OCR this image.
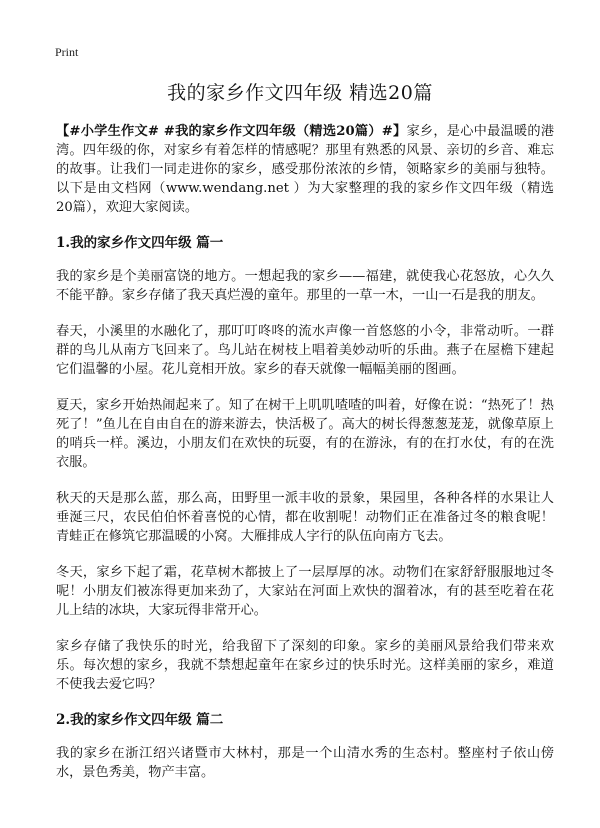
Print
我的家乡作文四年级 精选20篇

【#小学生作文# #我的家乡作文四年级（精选20篇）#】家乡，是心中最温暖的港湾。四年级的你，对家乡有着怎样的情感呢？那里有熟悉的风景、亲切的乡音、难忘的故事。让我们一同走进你的家乡，感受那份浓浓的乡情，领略家乡的美丽与独特。以下是由文档网（www.wendang.net ）为大家整理的我的家乡作文四年级（精选20篇），欢迎大家阅读。

1.我的家乡作文四年级 篇一

我的家乡是个美丽富饶的地方。一想起我的家乡——福建，就使我心花怒放，心久久不能平静。家乡存储了我天真烂漫的童年。那里的一草一木，一山一石是我的朋友。

春天，小溪里的水融化了，那叮叮咚咚的流水声像一首悠悠的小令，非常动听。一群群的鸟儿从南方飞回来了。鸟儿站在树枝上唱着美妙动听的乐曲。燕子在屋檐下建起它们温馨的小屋。花儿竟相开放。家乡的春天就像一幅幅美丽的图画。

夏天，家乡开始热闹起来了。知了在树干上叽叽喳喳的叫着，好像在说：“热死了！热死了！”鱼儿在自由自在的游来游去，快活极了。高大的树长得葱葱茏茏，就像草原上的哨兵一样。溪边，小朋友们在欢快的玩耍，有的在游泳，有的在打水仗，有的在洗衣服。

秋天的天是那么蓝，那么高，田野里一派丰收的景象，果园里，各种各样的水果让人垂涎三尺，农民伯伯怀着喜悦的心情，都在收割呢！动物们正在准备过冬的粮食呢！青蛙正在修筑它那温暖的小窝。大雁排成人字行的队伍向南方飞去。

冬天，家乡下起了霜，花草树木都披上了一层厚厚的冰。动物们在家舒舒服服地过冬呢！小朋友们被冻得更加来劲了，大家站在河面上欢快的溜着冰，有的甚至吃着在花儿上结的冰块，大家玩得非常开心。

家乡存储了我快乐的时光，给我留下了深刻的印象。家乡的美丽风景给我们带来欢乐。每次想的家乡，我就不禁想起童年在家乡过的快乐时光。这样美丽的家乡，难道不使我去爱它吗？

2.我的家乡作文四年级 篇二

我的家乡在浙江绍兴诸暨市大林村，那是一个山清水秀的生态村。整座村子依山傍水，景色秀美，物产丰富。
